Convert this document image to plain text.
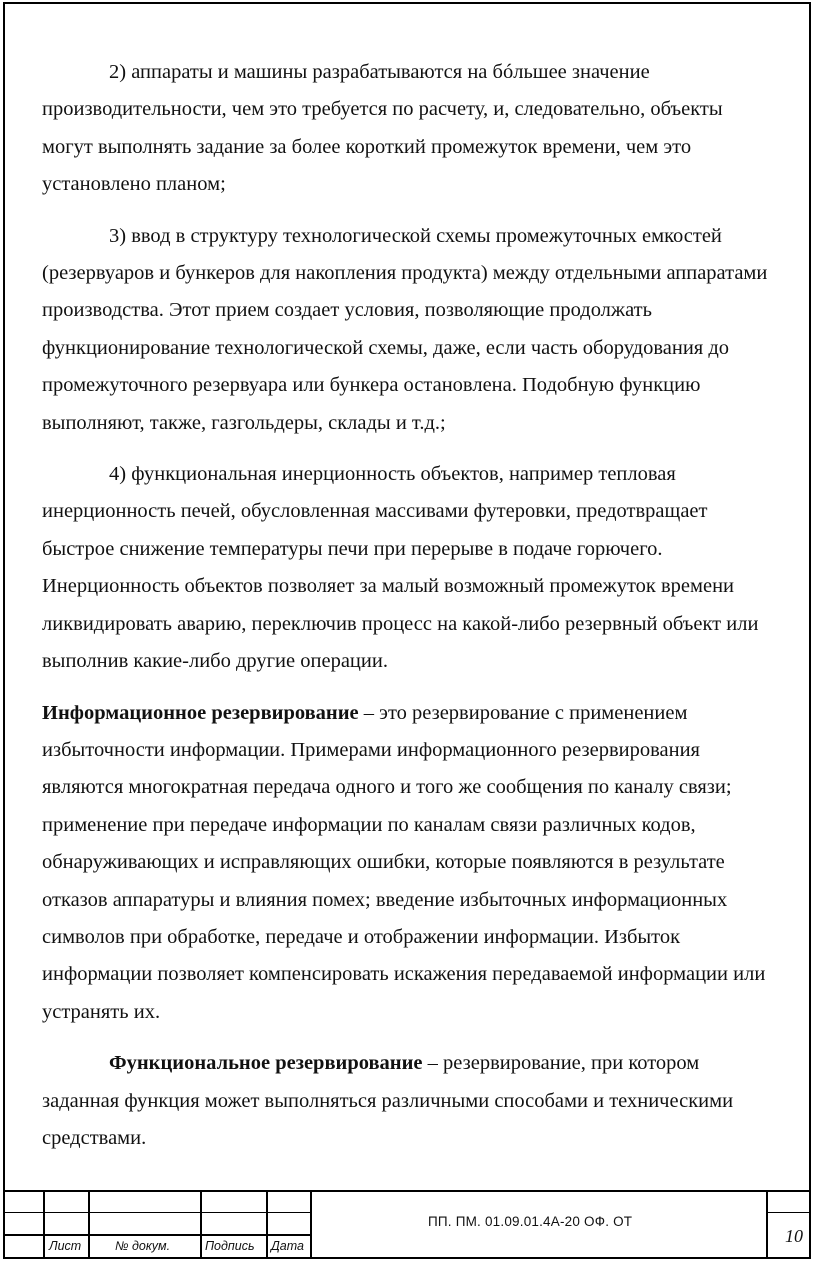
2) аппараты и машины разрабатываются на бóльшее значение производительности, чем это требуется по расчету, и, следовательно, объекты могут выполнять задание за более короткий промежуток времени, чем это установлено планом;

3) ввод в структуру технологической схемы промежуточных емкостей (резервуаров и бункеров для накопления продукта) между отдельными аппаратами производства. Этот прием создает условия, позволяющие продолжать функционирование технологической схемы, даже, если часть оборудования до промежуточного резервуара или бункера остановлена. Подобную функцию выполняют, также, газгольдеры, склады и т.д.;

4) функциональная инерционность объектов, например тепловая инерционность печей, обусловленная массивами футеровки, предотвращает быстрое снижение температуры печи при перерыве в подаче горючего. Инерционность объектов позволяет за малый возможный промежуток времени ликвидировать аварию, переключив процесс на какой-либо резервный объект или выполнив какие-либо другие операции.

Информационное резервирование – это резервирование с применением избыточности информации. Примерами информационного резервирования являются многократная передача одного и того же сообщения по каналу связи; применение при передаче информации по каналам связи различных кодов, обнаруживающих и исправляющих ошибки, которые появляются в результате отказов аппаратуры и влияния помех; введение избыточных информационных символов при обработке, передаче и отображении информации. Избыток информации позволяет компенсировать искажения передаваемой информации или устранять их.

Функциональное резервирование – резервирование, при котором заданная функция может выполняться различными способами и техническими средствами.

Лист	№ докум.	Подпись Дата
ПП. ПМ. 01.09.01.4А-20 ОФ. ОТ
10
